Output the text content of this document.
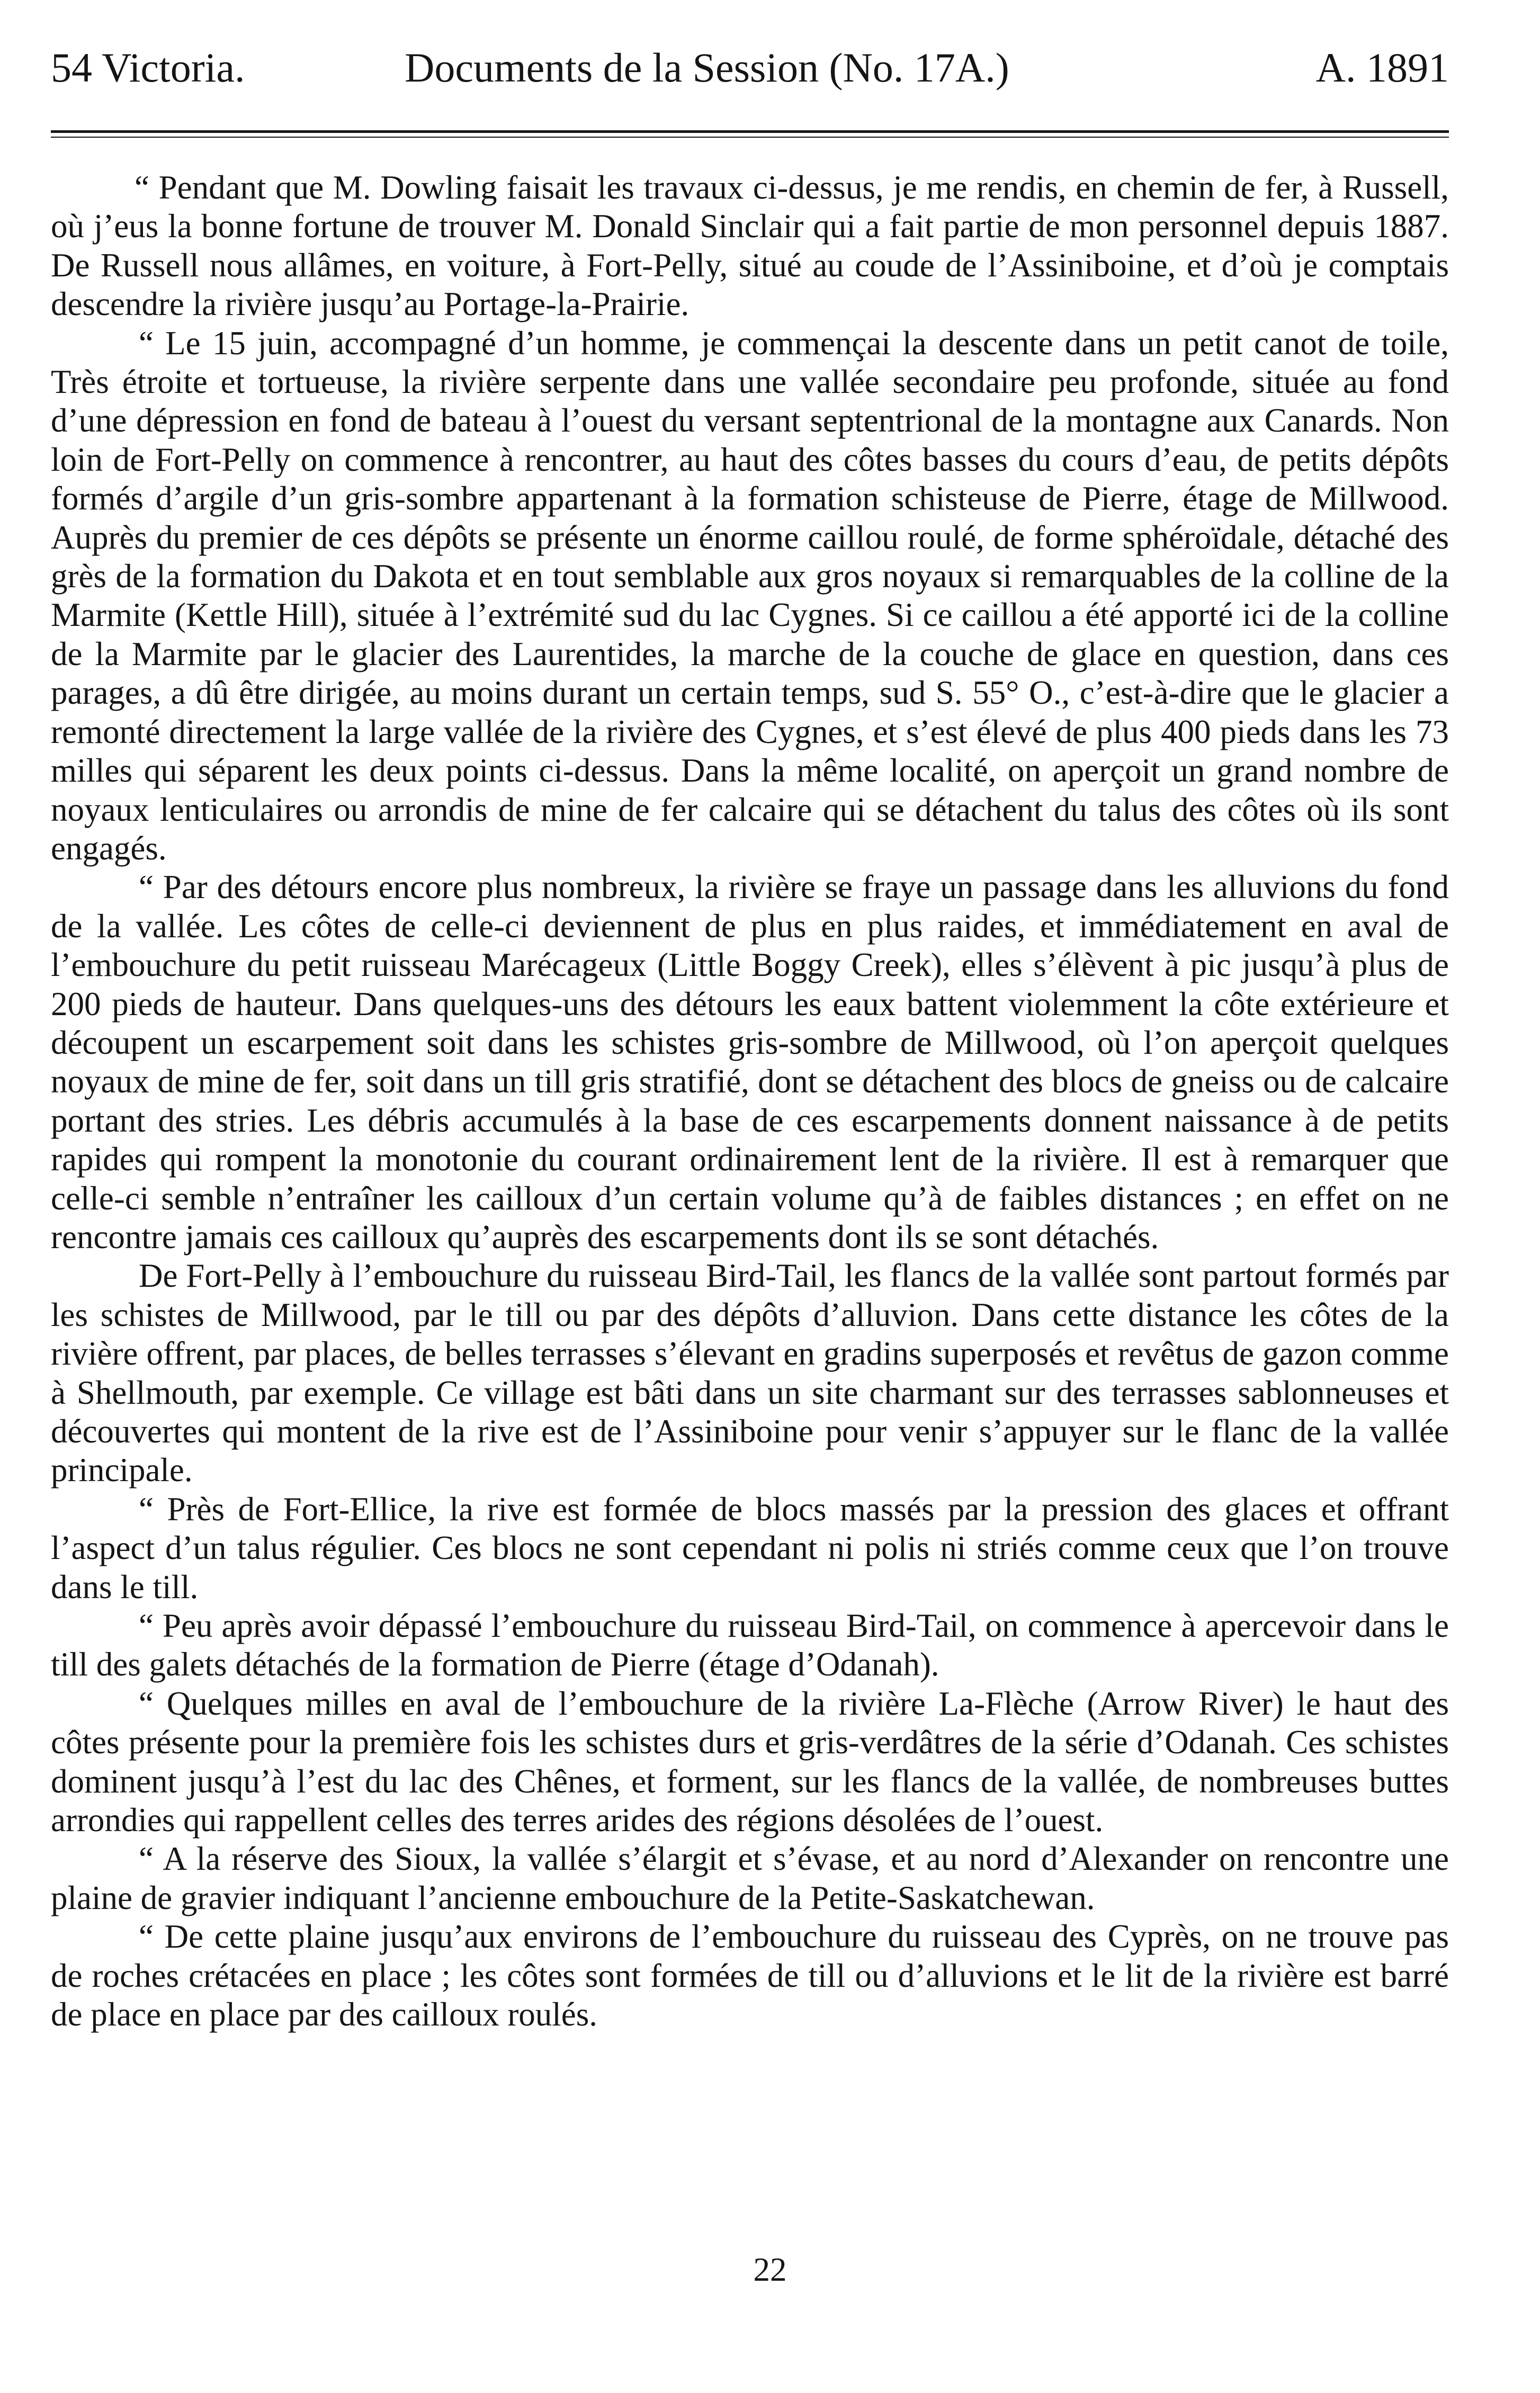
54 Victoria.	Documents de la Session (No. 17A.)	A. 1891

“ Pendant que M. Dowling faisait les travaux ci-dessus, je me rendis, en chemin de fer, à Russell, où j’eus la bonne fortune de trouver M. Donald Sinclair qui a fait partie de mon personnel depuis 1887. De Russell nous allâmes, en voiture, à Fort-Pelly, situé au coude de l’Assiniboine, et d’où je comptais descendre la rivière jusqu’au Portage-la-Prairie.

“ Le 15 juin, accompagné d’un homme, je commençai la descente dans un petit canot de toile, Très étroite et tortueuse, la rivière serpente dans une vallée secondaire peu profonde, située au fond d’une dépression en fond de bateau à l’ouest du versant septentrional de la montagne aux Canards. Non loin de Fort-Pelly on commence à rencontrer, au haut des côtes basses du cours d’eau, de petits dépôts formés d’argile d’un gris-sombre appartenant à la formation schisteuse de Pierre, étage de Millwood. Auprès du premier de ces dépôts se présente un énorme caillou roulé, de forme sphéroïdale, détaché des grès de la formation du Dakota et en tout semblable aux gros noyaux si remarquables de la colline de la Marmite (Kettle Hill), située à l’extrémité sud du lac Cygnes. Si ce caillou a été apporté ici de la colline de la Marmite par le glacier des Laurentides, la marche de la couche de glace en question, dans ces parages, a dû être dirigée, au moins durant un certain temps, sud S. 55° O., c’est-à-dire que le glacier a remonté directement la large vallée de la rivière des Cygnes, et s’est élevé de plus 400 pieds dans les 73 milles qui séparent les deux points ci-dessus. Dans la même localité, on aperçoit un grand nombre de noyaux lenticulaires ou arrondis de mine de fer calcaire qui se détachent du talus des côtes où ils sont engagés.

“ Par des détours encore plus nombreux, la rivière se fraye un passage dans les alluvions du fond de la vallée. Les côtes de celle-ci deviennent de plus en plus raides, et immédiatement en aval de l’embouchure du petit ruisseau Marécageux (Little Boggy Creek), elles s’élèvent à pic jusqu’à plus de 200 pieds de hauteur. Dans quelques-uns des détours les eaux battent violemment la côte extérieure et découpent un escarpement soit dans les schistes gris-sombre de Millwood, où l’on aperçoit quelques noyaux de mine de fer, soit dans un till gris stratifié, dont se détachent des blocs de gneiss ou de calcaire portant des stries. Les débris accumulés à la base de ces escarpements donnent naissance à de petits rapides qui rompent la monotonie du courant ordinairement lent de la rivière. Il est à remarquer que celle-ci semble n’entraîner les cailloux d’un certain volume qu’à de faibles distances ; en effet on ne rencontre jamais ces cailloux qu’auprès des escarpements dont ils se sont détachés.

De Fort-Pelly à l’embouchure du ruisseau Bird-Tail, les flancs de la vallée sont partout formés par les schistes de Millwood, par le till ou par des dépôts d’alluvion. Dans cette distance les côtes de la rivière offrent, par places, de belles terrasses s’élevant en gradins superposés et revêtus de gazon comme à Shellmouth, par exemple. Ce village est bâti dans un site charmant sur des terrasses sablonneuses et découvertes qui montent de la rive est de l’Assiniboine pour venir s’appuyer sur le flanc de la vallée principale.

“ Près de Fort-Ellice, la rive est formée de blocs massés par la pression des glaces et offrant l’aspect d’un talus régulier. Ces blocs ne sont cependant ni polis ni striés comme ceux que l’on trouve dans le till.

“ Peu après avoir dépassé l’embouchure du ruisseau Bird-Tail, on commence à apercevoir dans le till des galets détachés de la formation de Pierre (étage d’Odanah).

“ Quelques milles en aval de l’embouchure de la rivière La-Flèche (Arrow River) le haut des côtes présente pour la première fois les schistes durs et gris-verdâtres de la série d’Odanah. Ces schistes dominent jusqu’à l’est du lac des Chênes, et forment, sur les flancs de la vallée, de nombreuses buttes arrondies qui rappellent celles des terres arides des régions désolées de l’ouest.

“ A la réserve des Sioux, la vallée s’élargit et s’évase, et au nord d’Alexander on rencontre une plaine de gravier indiquant l’ancienne embouchure de la Petite-Saskatchewan.

“ De cette plaine jusqu’aux environs de l’embouchure du ruisseau des Cyprès, on ne trouve pas de roches crétacées en place ; les côtes sont formées de till ou d’alluvions et le lit de la rivière est barré de place en place par des cailloux roulés.

22
